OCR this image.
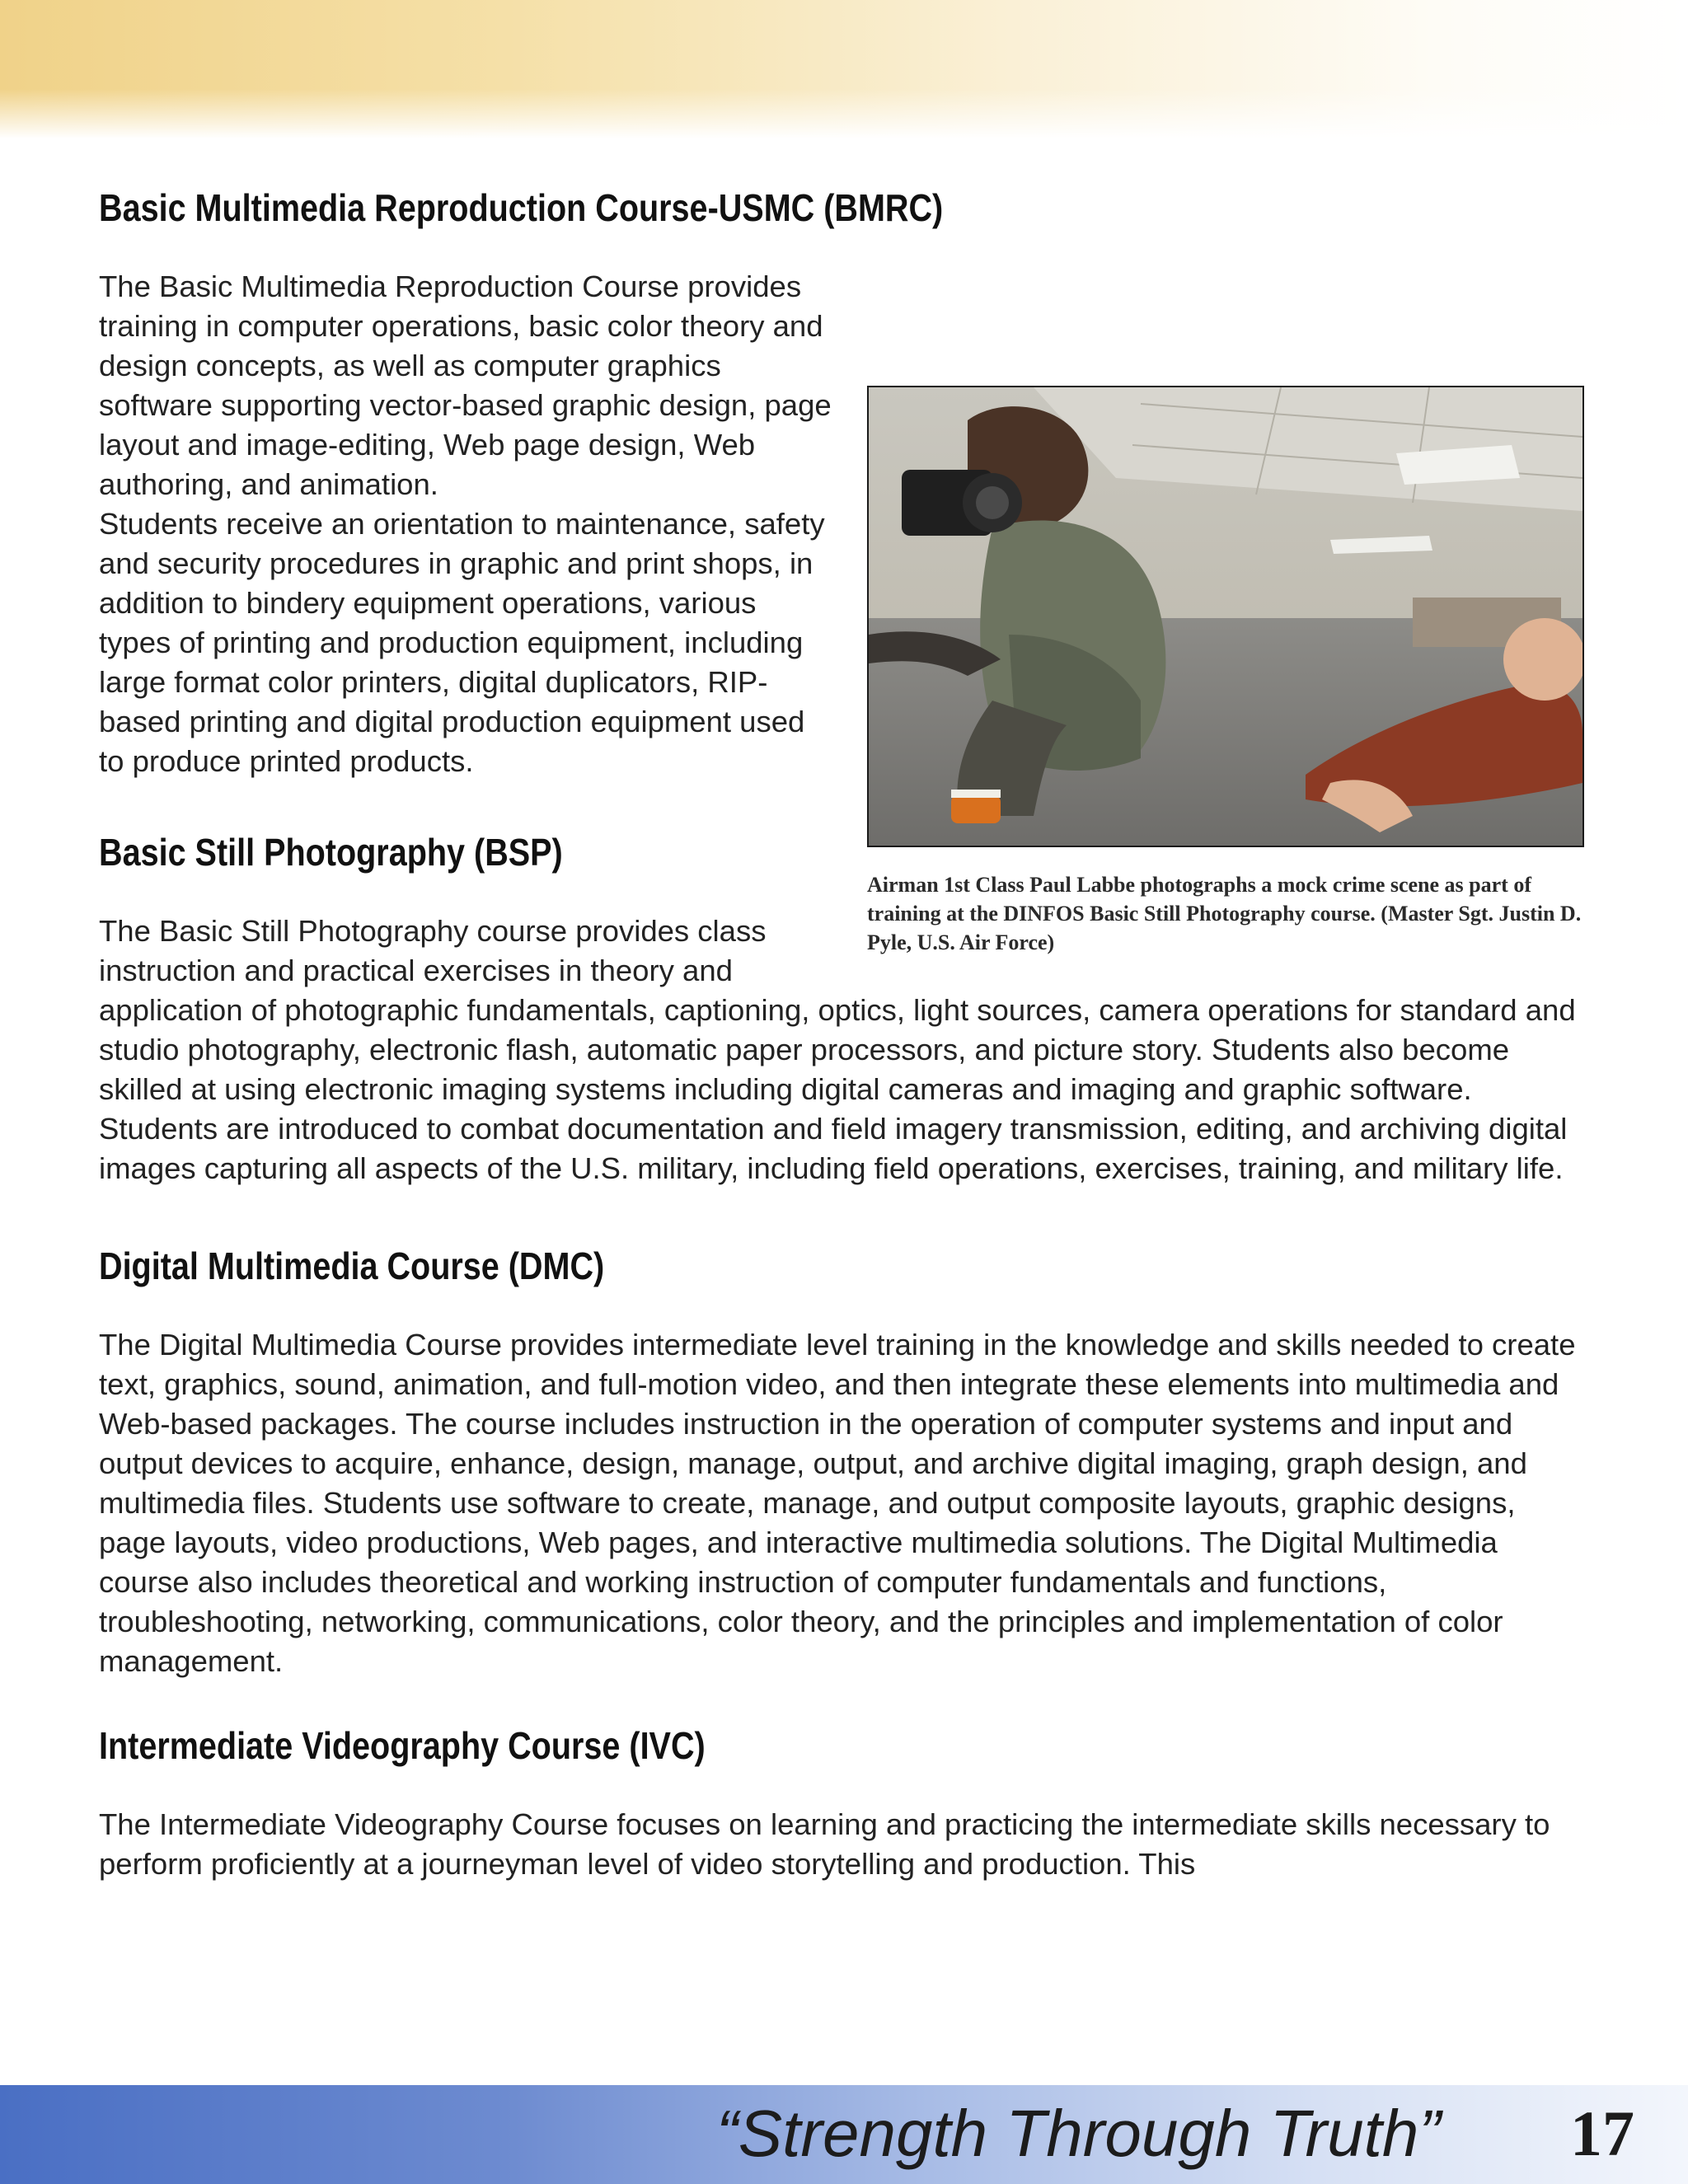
Basic Multimedia Reproduction Course-USMC (BMRC)

Airman 1st Class Paul Labbe photographs a mock crime scene as part of training at the DINFOS Basic Still Photography course. (Master Sgt. Justin D. Pyle, U.S. Air Force)
The Basic Multimedia Reproduction Course provides training in computer operations, basic color theory and design concepts, as well as computer graphics software supporting vector-based graphic design, page layout and image-editing, Web page design, Web authoring, and animation.
Students receive an orientation to maintenance, safety and security procedures in graphic and print shops, in addition to bindery equipment operations, various types of printing and production equipment, including large format color printers, digital duplicators, RIP-based printing and digital production equipment used to produce printed products.

Basic Still Photography (BSP)

The Basic Still Photography course provides class instruction and practical exercises in theory and application of photographic fundamentals, captioning, optics, light sources, camera operations for standard and studio photography, electronic flash, automatic paper processors, and picture story. Students also become skilled at using electronic imaging systems including digital cameras and imaging and graphic software. Students are introduced to combat documentation and field imagery transmission, editing, and archiving digital images capturing all aspects of the U.S. military, including field operations, exercises, training, and military life.

Digital Multimedia Course (DMC)

The Digital Multimedia Course provides intermediate level training in the knowledge and skills needed to create text, graphics, sound, animation, and full-motion video, and then integrate these elements into multimedia and Web-based packages. The course includes instruction in the operation of computer systems and input and output devices to acquire, enhance, design, manage, output, and archive digital imaging, graph design, and multimedia files. Students use software to create, manage, and output composite layouts, graphic designs, page layouts, video productions, Web pages, and interactive multimedia solutions. The Digital Multimedia course also includes theoretical and working instruction of computer fundamentals and functions, troubleshooting, networking, communications, color theory, and the principles and implementation of color management.

Intermediate Videography Course (IVC)

The Intermediate Videography Course focuses on learning and practicing the intermediate skills necessary to perform proficiently at a journeyman level of video storytelling and production. This

“Strength Through Truth” 17
